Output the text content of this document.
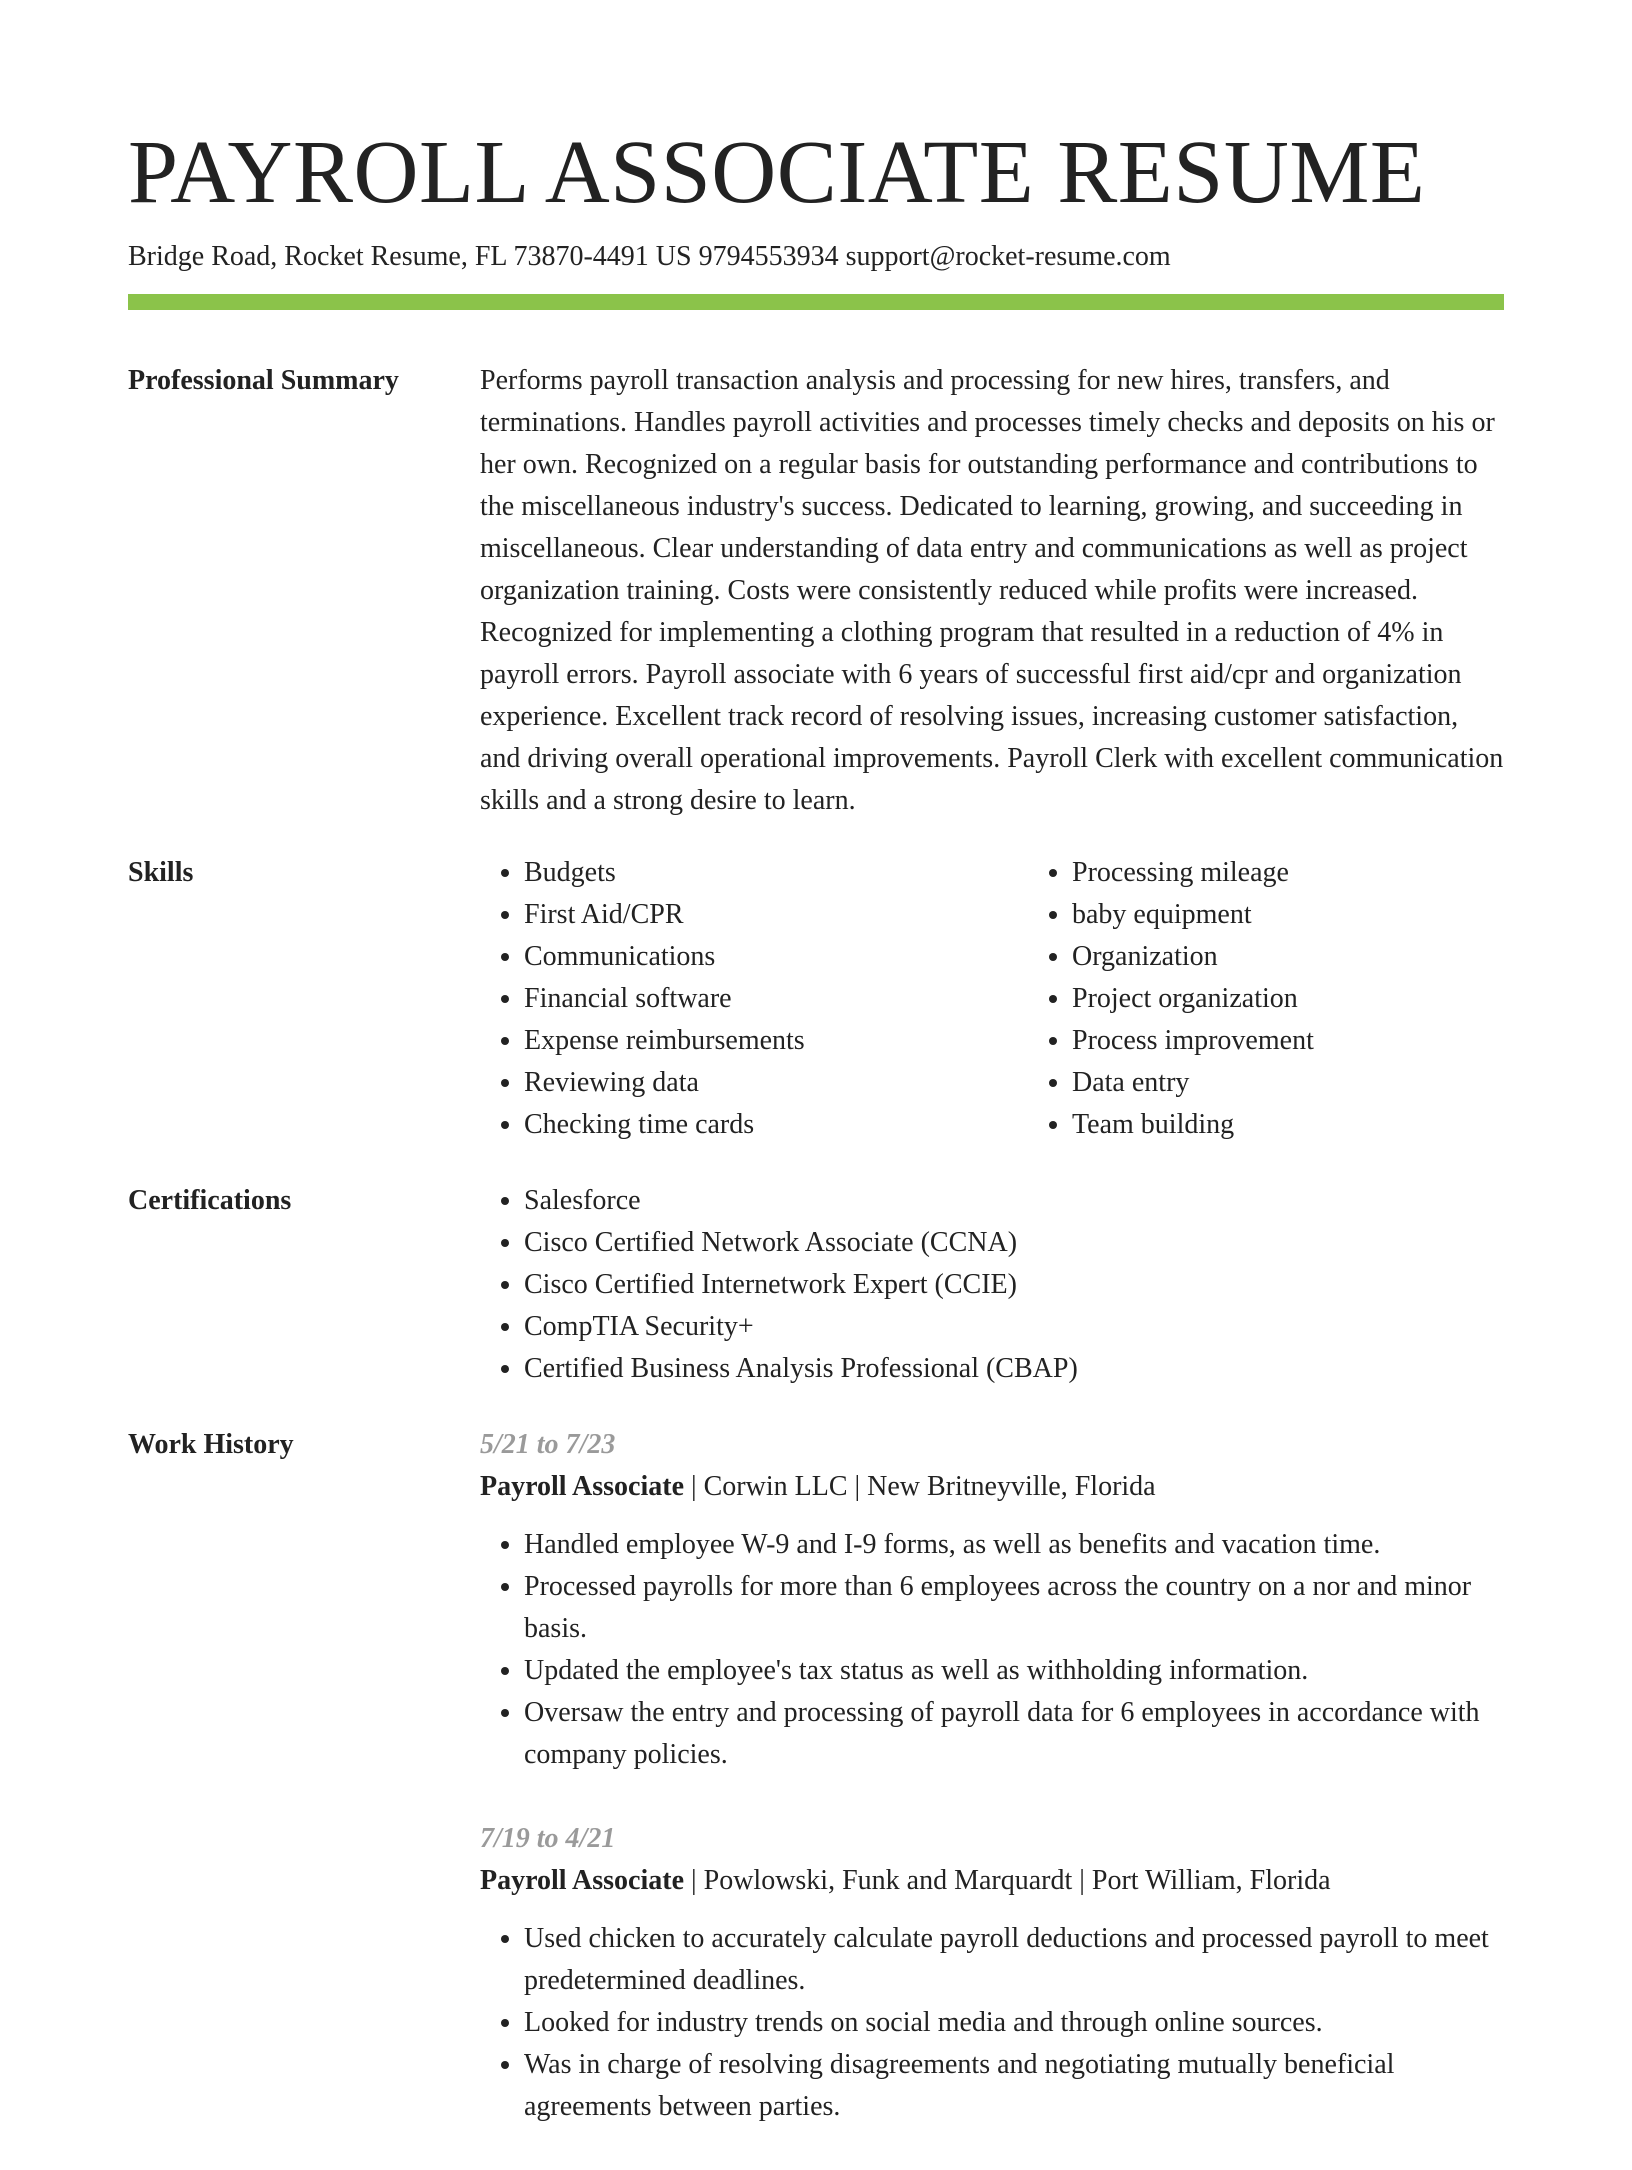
PAYROLL ASSOCIATE RESUME
Bridge Road, Rocket Resume, FL 73870-4491 US 9794553934 support@rocket-resume.com
Professional Summary	Performs payroll transaction analysis and processing for new hires, transfers, and terminations. Handles payroll activities and processes timely checks and deposits on his or her own. Recognized on a regular basis for outstanding performance and contributions to the miscellaneous industry's success. Dedicated to learning, growing, and succeeding in miscellaneous. Clear understanding of data entry and communications as well as project organization training. Costs were consistently reduced while profits were increased. Recognized for implementing a clothing program that resulted in a reduction of 4% in payroll errors. Payroll associate with 6 years of successful first aid/cpr and organization experience. Excellent track record of resolving issues, increasing customer satisfaction, and driving overall operational improvements. Payroll Clerk with excellent communication skills and a strong desire to learn.

Skills	• Budgets
• First Aid/CPR
• Communications
• Financial software
• Expense reimbursements
• Reviewing data
• Checking time cards
• Processing mileage
• baby equipment
• Organization
• Project organization
• Process improvement
• Data entry
• Team building
Certifications	• Salesforce
• Cisco Certified Network Associate (CCNA)
• Cisco Certified Internetwork Expert (CCIE)
• CompTIA Security+
• Certified Business Analysis Professional (CBAP)
Work History	5/21 to 7/23
Payroll Associate | Corwin LLC | New Britneyville, Florida
• Handled employee W-9 and I-9 forms, as well as benefits and vacation time.
• Processed payrolls for more than 6 employees across the country on a nor and minor basis.
• Updated the employee's tax status as well as withholding information.
• Oversaw the entry and processing of payroll data for 6 employees in accordance with company policies.
7/19 to 4/21
Payroll Associate | Powlowski, Funk and Marquardt | Port William, Florida
• Used chicken to accurately calculate payroll deductions and processed payroll to meet predetermined deadlines.
• Looked for industry trends on social media and through online sources.
• Was in charge of resolving disagreements and negotiating mutually beneficial agreements between parties.
